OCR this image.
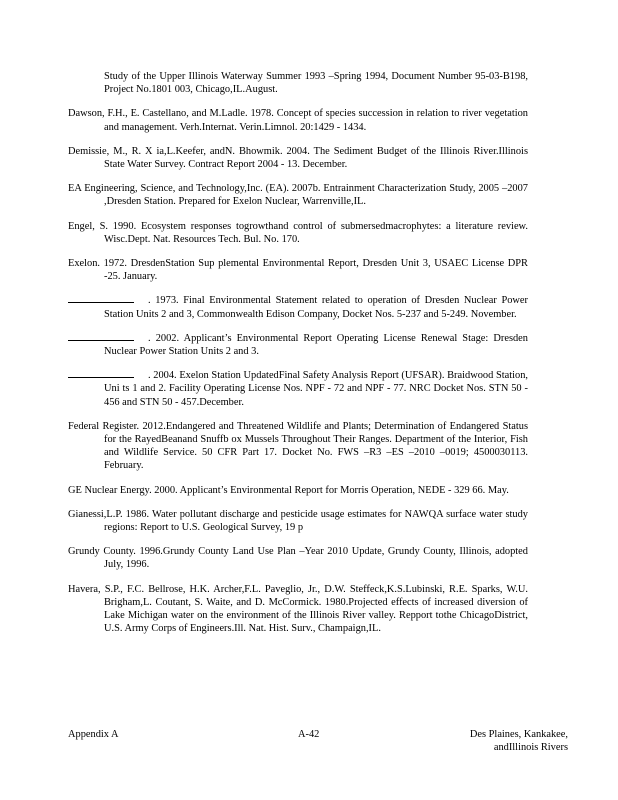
Study of the Upper Illinois Waterway Summer 1993 –Spring 1994, Document Number 95-03-B198, Project No.1801 003, Chicago,IL.August.

Dawson, F.H., E. Castellano, and M.Ladle. 1978. Concept of species succession in relation to river vegetation and management. Verh.Internat. Verin.Limnol. 20:1429 - 1434.

Demissie, M., R. X ia,L.Keefer, andN. Bhowmik. 2004. The Sediment Budget of the Illinois River.Illinois State Water Survey. Contract Report 2004 - 13. December.

EA Engineering, Science, and Technology,Inc. (EA). 2007b. Entrainment Characterization Study, 2005 –2007 ,Dresden Station. Prepared for Exelon Nuclear, Warrenville,IL.

Engel, S. 1990. Ecosystem responses togrowthand control of submersedmacrophytes: a literature review. Wisc.Dept. Nat. Resources Tech. Bul. No. 170.

Exelon. 1972. DresdenStation Sup plemental Environmental Report, Dresden Unit 3, USAEC License DPR -25. January.

. 1973. Final Environmental Statement related to operation of Dresden Nuclear Power Station Units 2 and 3, Commonwealth Edison Company, Docket Nos. 5-237 and 5-249. November.

. 2002. Applicant’s Environmental Report Operating License Renewal Stage: Dresden Nuclear Power Station Units 2 and 3.

. 2004. Exelon Station UpdatedFinal Safety Analysis Report (UFSAR). Braidwood Station, Uni ts 1 and 2. Facility Operating License Nos. NPF - 72 and NPF - 77. NRC Docket Nos. STN 50 - 456 and STN 50 - 457.December.

Federal Register. 2012.Endangered and Threatened Wildlife and Plants; Determination of Endangered Status for the RayedBeanand Snuffb ox Mussels Throughout Their Ranges. Department of the Interior, Fish and Wildlife Service. 50 CFR Part 17. Docket No. FWS –R3 –ES –2010 –0019; 4500030113. February.

GE Nuclear Energy. 2000. Applicant’s Environmental Report for Morris Operation, NEDE - 329 66. May.

Gianessi,L.P. 1986. Water pollutant discharge and pesticide usage estimates for NAWQA surface water study regions: Report to U.S. Geological Survey, 19 p

Grundy County. 1996.Grundy County Land Use Plan –Year 2010 Update, Grundy County, Illinois, adopted July, 1996.

Havera, S.P., F.C. Bellrose, H.K. Archer,F.L. Paveglio, Jr., D.W. Steffeck,K.S.Lubinski, R.E. Sparks, W.U. Brigham,L. Coutant, S. Waite, and D. McCormick. 1980.Projected effects of increased diversion of Lake Michigan water on the environment of the Illinois River valley. Repport tothe ChicagoDistrict, U.S. Army Corps of Engineers.Ill. Nat. Hist. Surv., Champaign,IL.

Appendix A	A-42	Des Plaines, Kankakee,
andIllinois Rivers
